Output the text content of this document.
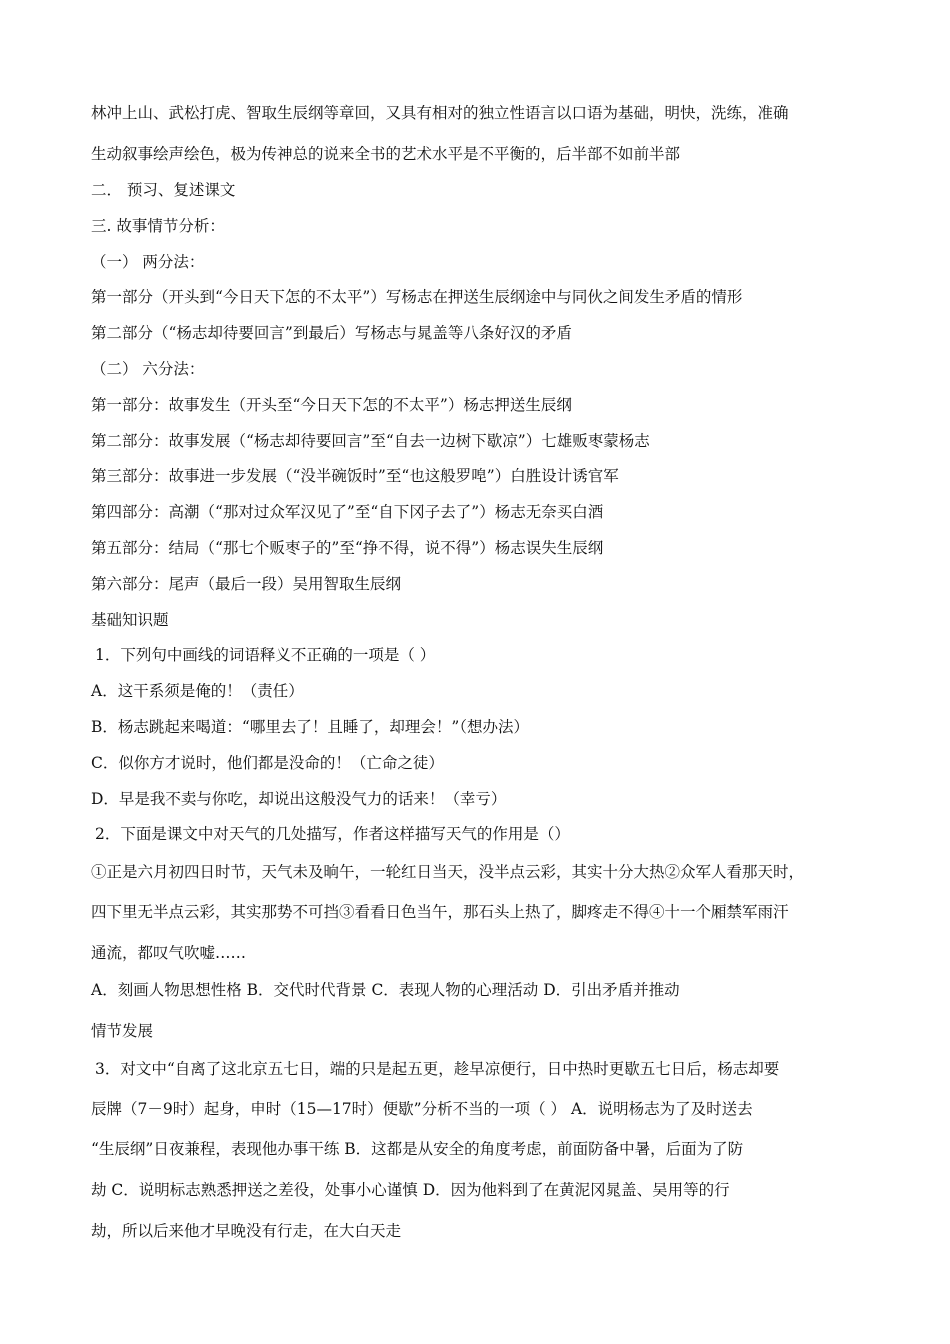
林冲上山、武松打虎、智取生辰纲等章回，又具有相对的独立性语言以口语为基础，明快，洗练，准确
生动叙事绘声绘色，极为传神总的说来全书的艺术水平是不平衡的，后半部不如前半部
二． 预习、复述课文
三. 故事情节分析：
（一） 两分法：
第一部分（开头到“今日天下怎的不太平”）写杨志在押送生辰纲途中与同伙之间发生矛盾的情形
第二部分（“杨志却待要回言”到最后）写杨志与晁盖等八条好汉的矛盾
（二） 六分法：
第一部分：故事发生（开头至“今日天下怎的不太平”）杨志押送生辰纲
第二部分：故事发展（“杨志却待要回言”至“自去一边树下歇凉”）七雄贩枣蒙杨志
第三部分：故事进一步发展（“没半碗饭时”至“也这般罗唣”）白胜设计诱官军
第四部分：高潮（“那对过众军汉见了”至“自下冈子去了”）杨志无奈买白酒
第五部分：结局（“那七个贩枣子的”至“挣不得，说不得”）杨志误失生辰纲
第六部分：尾声（最后一段）吴用智取生辰纲
基础知识题
1．下列句中画线的词语释义不正确的一项是（ ）
A．这干系须是俺的！（责任）
B．杨志跳起来喝道：“哪里去了！且睡了，却理会！”（想办法）
C．似你方才说时，他们都是没命的！（亡命之徒）
D．早是我不卖与你吃，却说出这般没气力的话来！（幸亏）
2．下面是课文中对天气的几处描写，作者这样描写天气的作用是（）
①正是六月初四日时节，天气未及晌午，一轮红日当天，没半点云彩，其实十分大热②众军人看那天时，
四下里无半点云彩，其实那势不可挡③看看日色当午，那石头上热了，脚疼走不得④十一个厢禁军雨汗
通流，都叹气吹嘘……
A．刻画人物思想性格 B．交代时代背景 C．表现人物的心理活动 D．引出矛盾并推动
情节发展
3．对文中“自离了这北京五七日，端的只是起五更，趁早凉便行，日中热时更歇五七日后，杨志却要
辰牌（7－9时）起身，申时（15—17时）便歇”分析不当的一项（ ） A．说明杨志为了及时送去
“生辰纲”日夜兼程，表现他办事干练 B．这都是从安全的角度考虑，前面防备中暑，后面为了防
劫 C．说明标志熟悉押送之差役，处事小心谨慎 D．因为他料到了在黄泥冈晁盖、吴用等的行
劫，所以后来他才早晚没有行走，在大白天走
